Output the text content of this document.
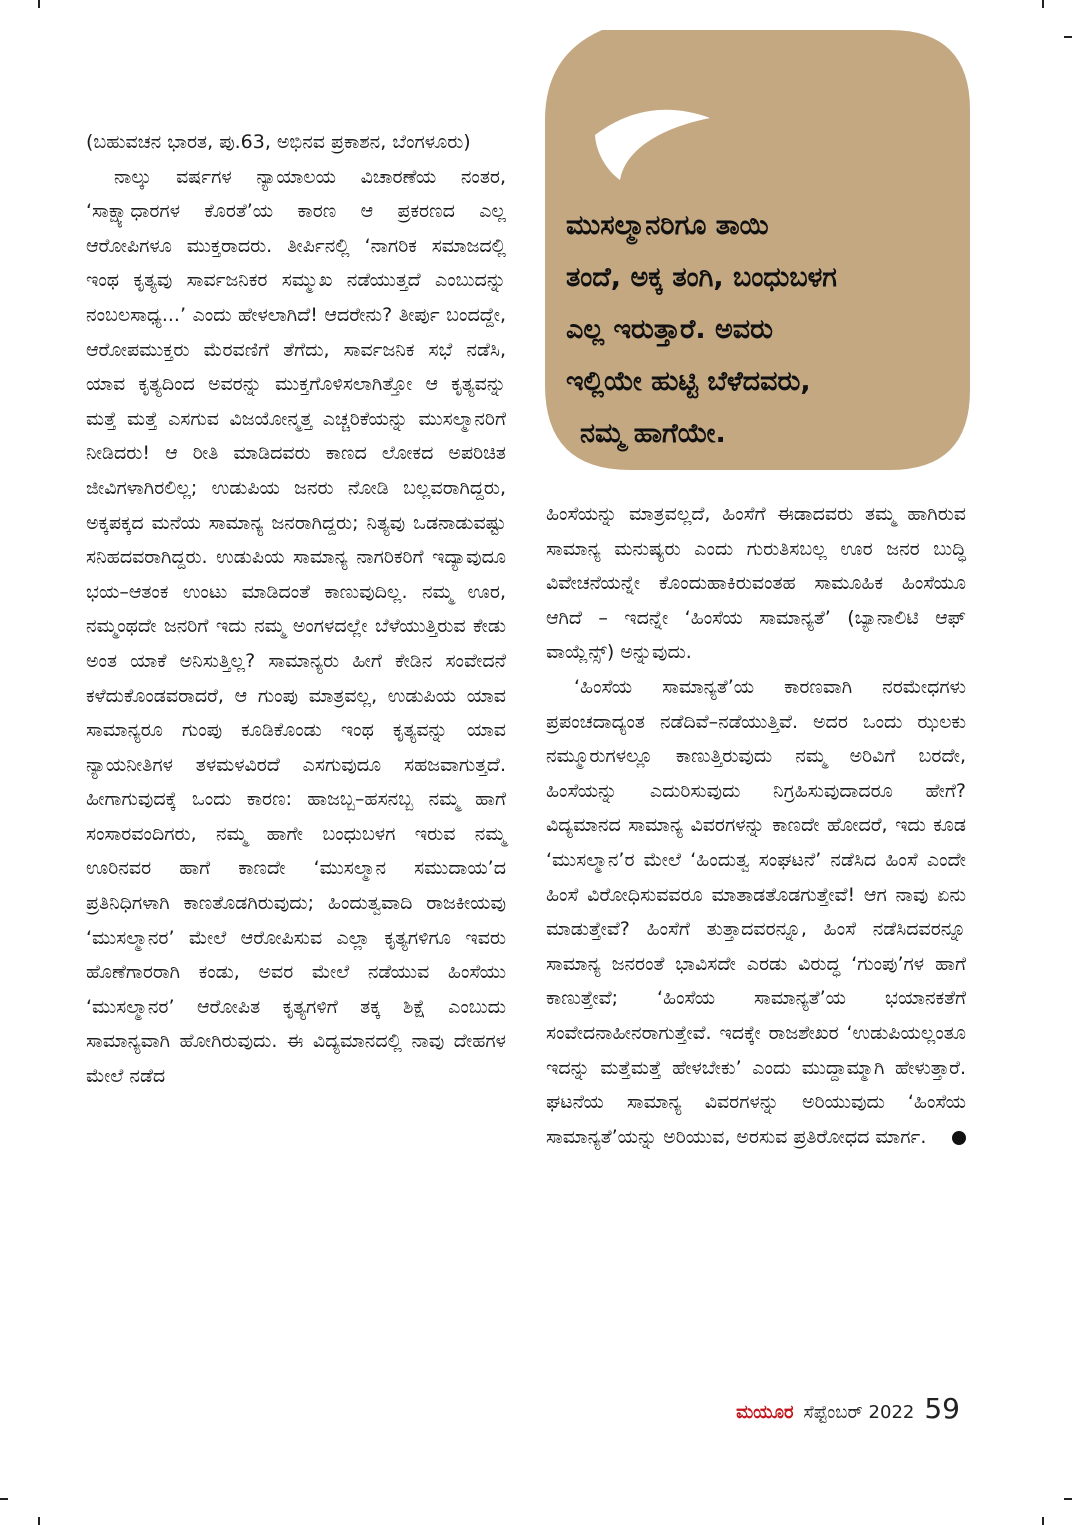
(ಬಹುವಚನ ಭಾರತ, ಪು.63, ಅಭಿನವ ಪ್ರಕಾಶನ, ಬೆಂಗಳೂರು)

ನಾಲ್ಕು ವರ್ಷಗಳ ನ್ಯಾಯಾಲಯ ವಿಚಾರಣೆಯ ನಂತರ, ‘ಸಾಕ್ಷ್ಯಾಧಾರಗಳ ಕೊರತೆ’ಯ ಕಾರಣ ಆ ಪ್ರಕರಣದ ಎಲ್ಲ ಆರೋಪಿಗಳೂ ಮುಕ್ತರಾದರು. ತೀರ್ಪಿನಲ್ಲಿ ‘ನಾಗರಿಕ ಸಮಾಜದಲ್ಲಿ ಇಂಥ ಕೃತ್ಯವು ಸಾರ್ವಜನಿಕರ ಸಮ್ಮುಖ ನಡೆಯುತ್ತದೆ ಎಂಬುದನ್ನು ನಂಬಲಸಾಧ್ಯ...’ ಎಂದು ಹೇಳಲಾಗಿದೆ! ಆದರೇನು? ತೀರ್ಪು ಬಂದದ್ದೇ, ಆರೋಪಮುಕ್ತರು ಮೆರವಣಿಗೆ ತೆಗೆದು, ಸಾರ್ವಜನಿಕ ಸಭೆ ನಡೆಸಿ, ಯಾವ ಕೃತ್ಯದಿಂದ ಅವರನ್ನು ಮುಕ್ತಗೊಳಿಸಲಾಗಿತ್ತೋ ಆ ಕೃತ್ಯವನ್ನು ಮತ್ತೆ ಮತ್ತೆ ಎಸಗುವ ವಿಜಯೋನ್ಮತ್ತ ಎಚ್ಚರಿಕೆಯನ್ನು ಮುಸಲ್ಮಾನರಿಗೆ ನೀಡಿದರು! ಆ ರೀತಿ ಮಾಡಿದವರು ಕಾಣದ ಲೋಕದ ಅಪರಿಚಿತ ಜೀವಿಗಳಾಗಿರಲಿಲ್ಲ; ಉಡುಪಿಯ ಜನರು ನೋಡಿ ಬಲ್ಲವರಾಗಿದ್ದರು, ಅಕ್ಕಪಕ್ಕದ ಮನೆಯ ಸಾಮಾನ್ಯ ಜನರಾಗಿದ್ದರು; ನಿತ್ಯವು ಒಡನಾಡುವಷ್ಟು ಸನಿಹದವರಾಗಿದ್ದರು. ಉಡುಪಿಯ ಸಾಮಾನ್ಯ ನಾಗರಿಕರಿಗೆ ಇದ್ಯಾವುದೂ ಭಯ–ಆತಂಕ ಉಂಟು ಮಾಡಿದಂತೆ ಕಾಣುವುದಿಲ್ಲ. ನಮ್ಮ ಊರ, ನಮ್ಮಂಥದೇ ಜನರಿಗೆ ಇದು ನಮ್ಮ ಅಂಗಳದಲ್ಲೇ ಬೆಳೆಯುತ್ತಿರುವ ಕೇಡು ಅಂತ ಯಾಕೆ ಅನಿಸುತ್ತಿಲ್ಲ? ಸಾಮಾನ್ಯರು ಹೀಗೆ ಕೇಡಿನ ಸಂವೇದನೆ ಕಳೆದುಕೊಂಡವರಾದರೆ, ಆ ಗುಂಪು ಮಾತ್ರವಲ್ಲ, ಉಡುಪಿಯ ಯಾವ ಸಾಮಾನ್ಯರೂ ಗುಂಪು ಕೂಡಿಕೊಂಡು ಇಂಥ ಕೃತ್ಯವನ್ನು ಯಾವ ನ್ಯಾಯನೀತಿಗಳ ತಳಮಳವಿರದೆ ಎಸಗುವುದೂ ಸಹಜವಾಗುತ್ತದೆ. ಹೀಗಾಗುವುದಕ್ಕೆ ಒಂದು ಕಾರಣ: ಹಾಜಬ್ಬ–ಹಸನಬ್ಬ ನಮ್ಮ ಹಾಗೆ ಸಂಸಾರವಂದಿಗರು, ನಮ್ಮ ಹಾಗೇ ಬಂಧುಬಳಗ ಇರುವ ನಮ್ಮ ಊರಿನವರ ಹಾಗೆ ಕಾಣದೇ ‘ಮುಸಲ್ಮಾನ ಸಮುದಾಯ’ದ ಪ್ರತಿನಿಧಿಗಳಾಗಿ ಕಾಣತೊಡಗಿರುವುದು; ಹಿಂದುತ್ವವಾದಿ ರಾಜಕೀಯವು ‘ಮುಸಲ್ಮಾನರ’ ಮೇಲೆ ಆರೋಪಿಸುವ ಎಲ್ಲಾ ಕೃತ್ಯಗಳಿಗೂ ಇವರು ಹೊಣೆಗಾರರಾಗಿ ಕಂಡು, ಅವರ ಮೇಲೆ ನಡೆಯುವ ಹಿಂಸೆಯು ‘ಮುಸಲ್ಮಾನರ’ ಆರೋಪಿತ ಕೃತ್ಯಗಳಿಗೆ ತಕ್ಕ ಶಿಕ್ಷೆ ಎಂಬುದು ಸಾಮಾನ್ಯವಾಗಿ ಹೋಗಿರುವುದು. ಈ ವಿದ್ಯಮಾನದಲ್ಲಿ ನಾವು ದೇಹಗಳ ಮೇಲೆ ನಡೆದ

ಮುಸಲ್ಮಾನರಿಗೂ ತಾಯಿ
ತಂದೆ, ಅಕ್ಕ ತಂಗಿ, ಬಂಧುಬಳಗ
ಎಲ್ಲ ಇರುತ್ತಾರೆ. ಅವರು
ಇಲ್ಲಿಯೇ ಹುಟ್ಟಿ ಬೆಳೆದವರು,
ನಮ್ಮ ಹಾಗೆಯೇ.

ಹಿಂಸೆಯನ್ನು ಮಾತ್ರವಲ್ಲದೆ, ಹಿಂಸೆಗೆ ಈಡಾದವರು ತಮ್ಮ ಹಾಗಿರುವ ಸಾಮಾನ್ಯ ಮನುಷ್ಯರು ಎಂದು ಗುರುತಿಸಬಲ್ಲ ಊರ ಜನರ ಬುದ್ಧಿ ವಿವೇಚನೆಯನ್ನೇ ಕೊಂದುಹಾಕಿರುವಂತಹ ಸಾಮೂಹಿಕ ಹಿಂಸೆಯೂ ಆಗಿದೆ – ಇದನ್ನೇ ‘ಹಿಂಸೆಯ ಸಾಮಾನ್ಯತೆ’ (ಬ್ಯಾನಾಲಿಟಿ ಆಫ್ ವಾಯ್ಲೆನ್ಸ್) ಅನ್ನುವುದು.

‘ಹಿಂಸೆಯ ಸಾಮಾನ್ಯತೆ’ಯ ಕಾರಣವಾಗಿ ನರಮೇಧಗಳು ಪ್ರಪಂಚದಾದ್ಯಂತ ನಡೆದಿವೆ–ನಡೆಯುತ್ತಿವೆ. ಅದರ ಒಂದು ಝಲಕು ನಮ್ಮೂರುಗಳಲ್ಲೂ ಕಾಣುತ್ತಿರುವುದು ನಮ್ಮ ಅರಿವಿಗೆ ಬರದೇ, ಹಿಂಸೆಯನ್ನು ಎದುರಿಸುವುದು ನಿಗ್ರಹಿಸುವುದಾದರೂ ಹೇಗೆ? ವಿದ್ಯಮಾನದ ಸಾಮಾನ್ಯ ವಿವರಗಳನ್ನು ಕಾಣದೇ ಹೋದರೆ, ಇದು ಕೂಡ ‘ಮುಸಲ್ಮಾನ’ರ ಮೇಲೆ ‘ಹಿಂದುತ್ವ ಸಂಘಟನೆ’ ನಡೆಸಿದ ಹಿಂಸೆ ಎಂದೇ ಹಿಂಸೆ ವಿರೋಧಿಸುವವರೂ ಮಾತಾಡತೊಡಗುತ್ತೇವೆ! ಆಗ ನಾವು ಏನು ಮಾಡುತ್ತೇವೆ? ಹಿಂಸೆಗೆ ತುತ್ತಾದವರನ್ನೂ, ಹಿಂಸೆ ನಡೆಸಿದವರನ್ನೂ ಸಾಮಾನ್ಯ ಜನರಂತೆ ಭಾವಿಸದೇ ಎರಡು ವಿರುದ್ಧ ‘ಗುಂಪು’ಗಳ ಹಾಗೆ ಕಾಣುತ್ತೇವೆ; ‘ಹಿಂಸೆಯ ಸಾಮಾನ್ಯತೆ’ಯ ಭಯಾನಕತೆಗೆ ಸಂವೇದನಾಹೀನರಾಗುತ್ತೇವೆ. ಇದಕ್ಕೇ ರಾಜಶೇಖರ ‘ಉಡುಪಿಯಲ್ಲಂತೂ ಇದನ್ನು ಮತ್ತೆಮತ್ತೆ ಹೇಳಬೇಕು’ ಎಂದು ಮುದ್ದಾಮ್ಮಾಗಿ ಹೇಳುತ್ತಾರೆ. ಘಟನೆಯ ಸಾಮಾನ್ಯ ವಿವರಗಳನ್ನು ಅರಿಯುವುದು ‘ಹಿಂಸೆಯ ಸಾಮಾನ್ಯತೆ’ಯನ್ನು ಅರಿಯುವ, ಅರಸುವ ಪ್ರತಿರೋಧದ ಮಾರ್ಗ.

ಮಯೂರ ಸೆಪ್ಟೆಂಬರ್ 2022 59
